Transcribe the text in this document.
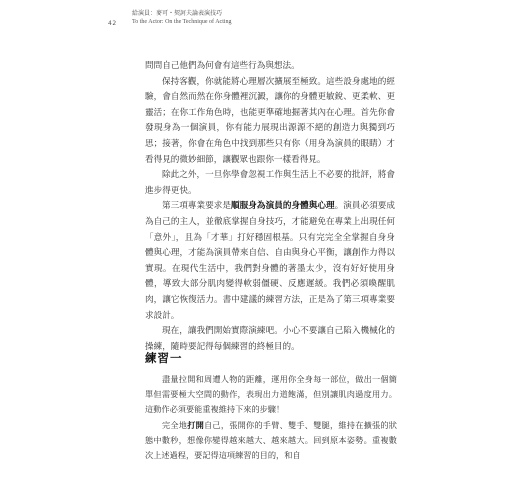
42
給演員：麥可・契訶夫論表演技巧
To the Actor: On the Technique of Acting

問問自己他們為何會有這些行為與想法。

保持客觀，你就能將心理層次擴展至極致。這些設身處地的經驗，會自然而然在你身體裡沉澱，讓你的身體更敏銳、更柔軟、更靈活；在你工作角色時，也能更準確地掘著其內在心理。首先你會發現身為一個演員，你有能力展現出源源不絕的創造力與獨到巧思；接著，你會在角色中找到那些只有你（用身為演員的眼睛）才看得見的微妙細節，讓觀眾也跟你一樣看得見。

除此之外，一旦你學會忽視工作與生活上不必要的批評，將會進步得更快。

第三項專業要求是順服身為演員的身體與心理。演員必須要成為自己的主人，並徹底掌握自身技巧，才能避免在專業上出現任何「意外」，且為「才華」打好穩固根基。只有完完全全掌握自身身體與心理，才能為演員帶來自信、自由與身心平衡，讓創作力得以實現。在現代生活中，我們對身體的著墨太少，沒有好好使用身體，導致大部分肌肉變得軟弱僵硬、反應遲緩。我們必須喚醒肌肉，讓它恢復活力。書中建議的練習方法，正是為了第三項專業要求設計。

現在，讓我們開始實際演練吧。小心不要讓自己陷入機械化的操練，隨時要記得每個練習的終極目的。

練習一

盡量拉開和周遭人物的距離，運用你全身每一部位，做出一個簡單但需要極大空間的動作，表現出力道飽滿，但別讓肌肉過度用力。這動作必須要能重複維持下來的步驟！

完全地打開自己，張開你的手臂、雙手、雙腿，維持在擴張的狀態中數秒，想像你變得越來越大、越來越大。回到原本姿勢。重複數次上述過程，要記得這項練習的目的，和自
